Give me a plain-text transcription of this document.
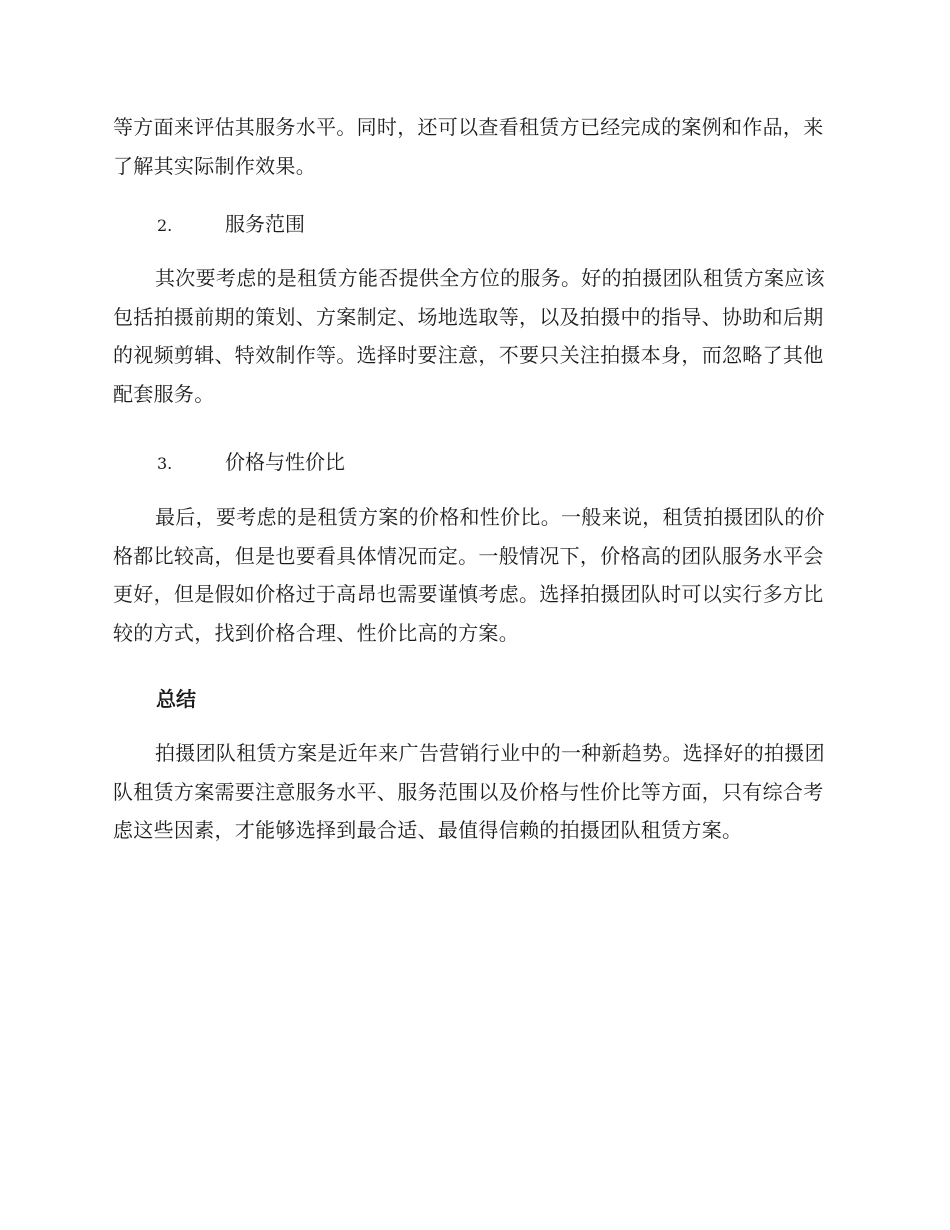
等方面来评估其服务水平。同时，还可以查看租赁方已经完成的案例和作品，来了解其实际制作效果。

2.	服务范围

其次要考虑的是租赁方能否提供全方位的服务。好的拍摄团队租赁方案应该包括拍摄前期的策划、方案制定、场地选取等，以及拍摄中的指导、协助和后期的视频剪辑、特效制作等。选择时要注意，不要只关注拍摄本身，而忽略了其他配套服务。

3.	价格与性价比

最后，要考虑的是租赁方案的价格和性价比。一般来说，租赁拍摄团队的价格都比较高，但是也要看具体情况而定。一般情况下，价格高的团队服务水平会更好，但是假如价格过于高昂也需要谨慎考虑。选择拍摄团队时可以实行多方比较的方式，找到价格合理、性价比高的方案。

总结

拍摄团队租赁方案是近年来广告营销行业中的一种新趋势。选择好的拍摄团队租赁方案需要注意服务水平、服务范围以及价格与性价比等方面，只有综合考虑这些因素，才能够选择到最合适、最值得信赖的拍摄团队租赁方案。
